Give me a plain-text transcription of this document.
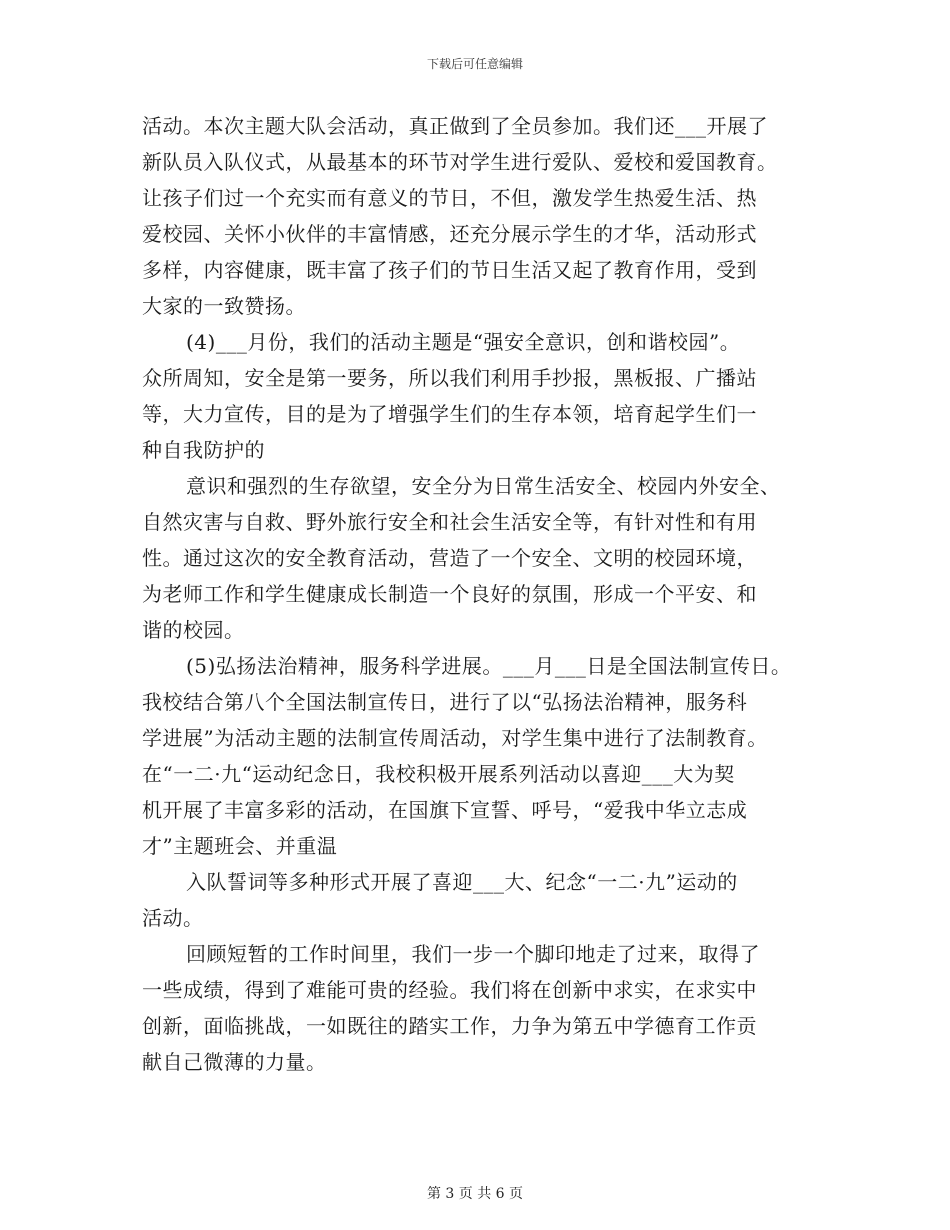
下载后可任意编辑
活动。本次主题大队会活动，真正做到了全员参加。我们还___开展了
新队员入队仪式，从最基本的环节对学生进行爱队、爱校和爱国教育。
让孩子们过一个充实而有意义的节日，不但，激发学生热爱生活、热
爱校园、关怀小伙伴的丰富情感，还充分展示学生的才华，活动形式
多样，内容健康，既丰富了孩子们的节日生活又起了教育作用，受到
大家的一致赞扬。
(4)___月份，我们的活动主题是“强安全意识，创和谐校园”。
众所周知，安全是第一要务，所以我们利用手抄报，黑板报、广播站
等，大力宣传，目的是为了增强学生们的生存本领，培育起学生们一
种自我防护的
意识和强烈的生存欲望，安全分为日常生活安全、校园内外安全、
自然灾害与自救、野外旅行安全和社会生活安全等，有针对性和有用
性。通过这次的安全教育活动，营造了一个安全、文明的校园环境，
为老师工作和学生健康成长制造一个良好的氛围，形成一个平安、和
谐的校园。
(5)弘扬法治精神，服务科学进展。___月___日是全国法制宣传日。
我校结合第八个全国法制宣传日，进行了以“弘扬法治精神，服务科
学进展”为活动主题的法制宣传周活动，对学生集中进行了法制教育。
在“一二·九“运动纪念日，我校积极开展系列活动以喜迎___大为契
机开展了丰富多彩的活动，在国旗下宣誓、呼号，“爱我中华立志成
才”主题班会、并重温
入队誓词等多种形式开展了喜迎___大、纪念“一二·九”运动的
活动。
回顾短暂的工作时间里，我们一步一个脚印地走了过来，取得了
一些成绩，得到了难能可贵的经验。我们将在创新中求实，在求实中
创新，面临挑战，一如既往的踏实工作，力争为第五中学德育工作贡
献自己微薄的力量。
第 3 页 共 6 页
